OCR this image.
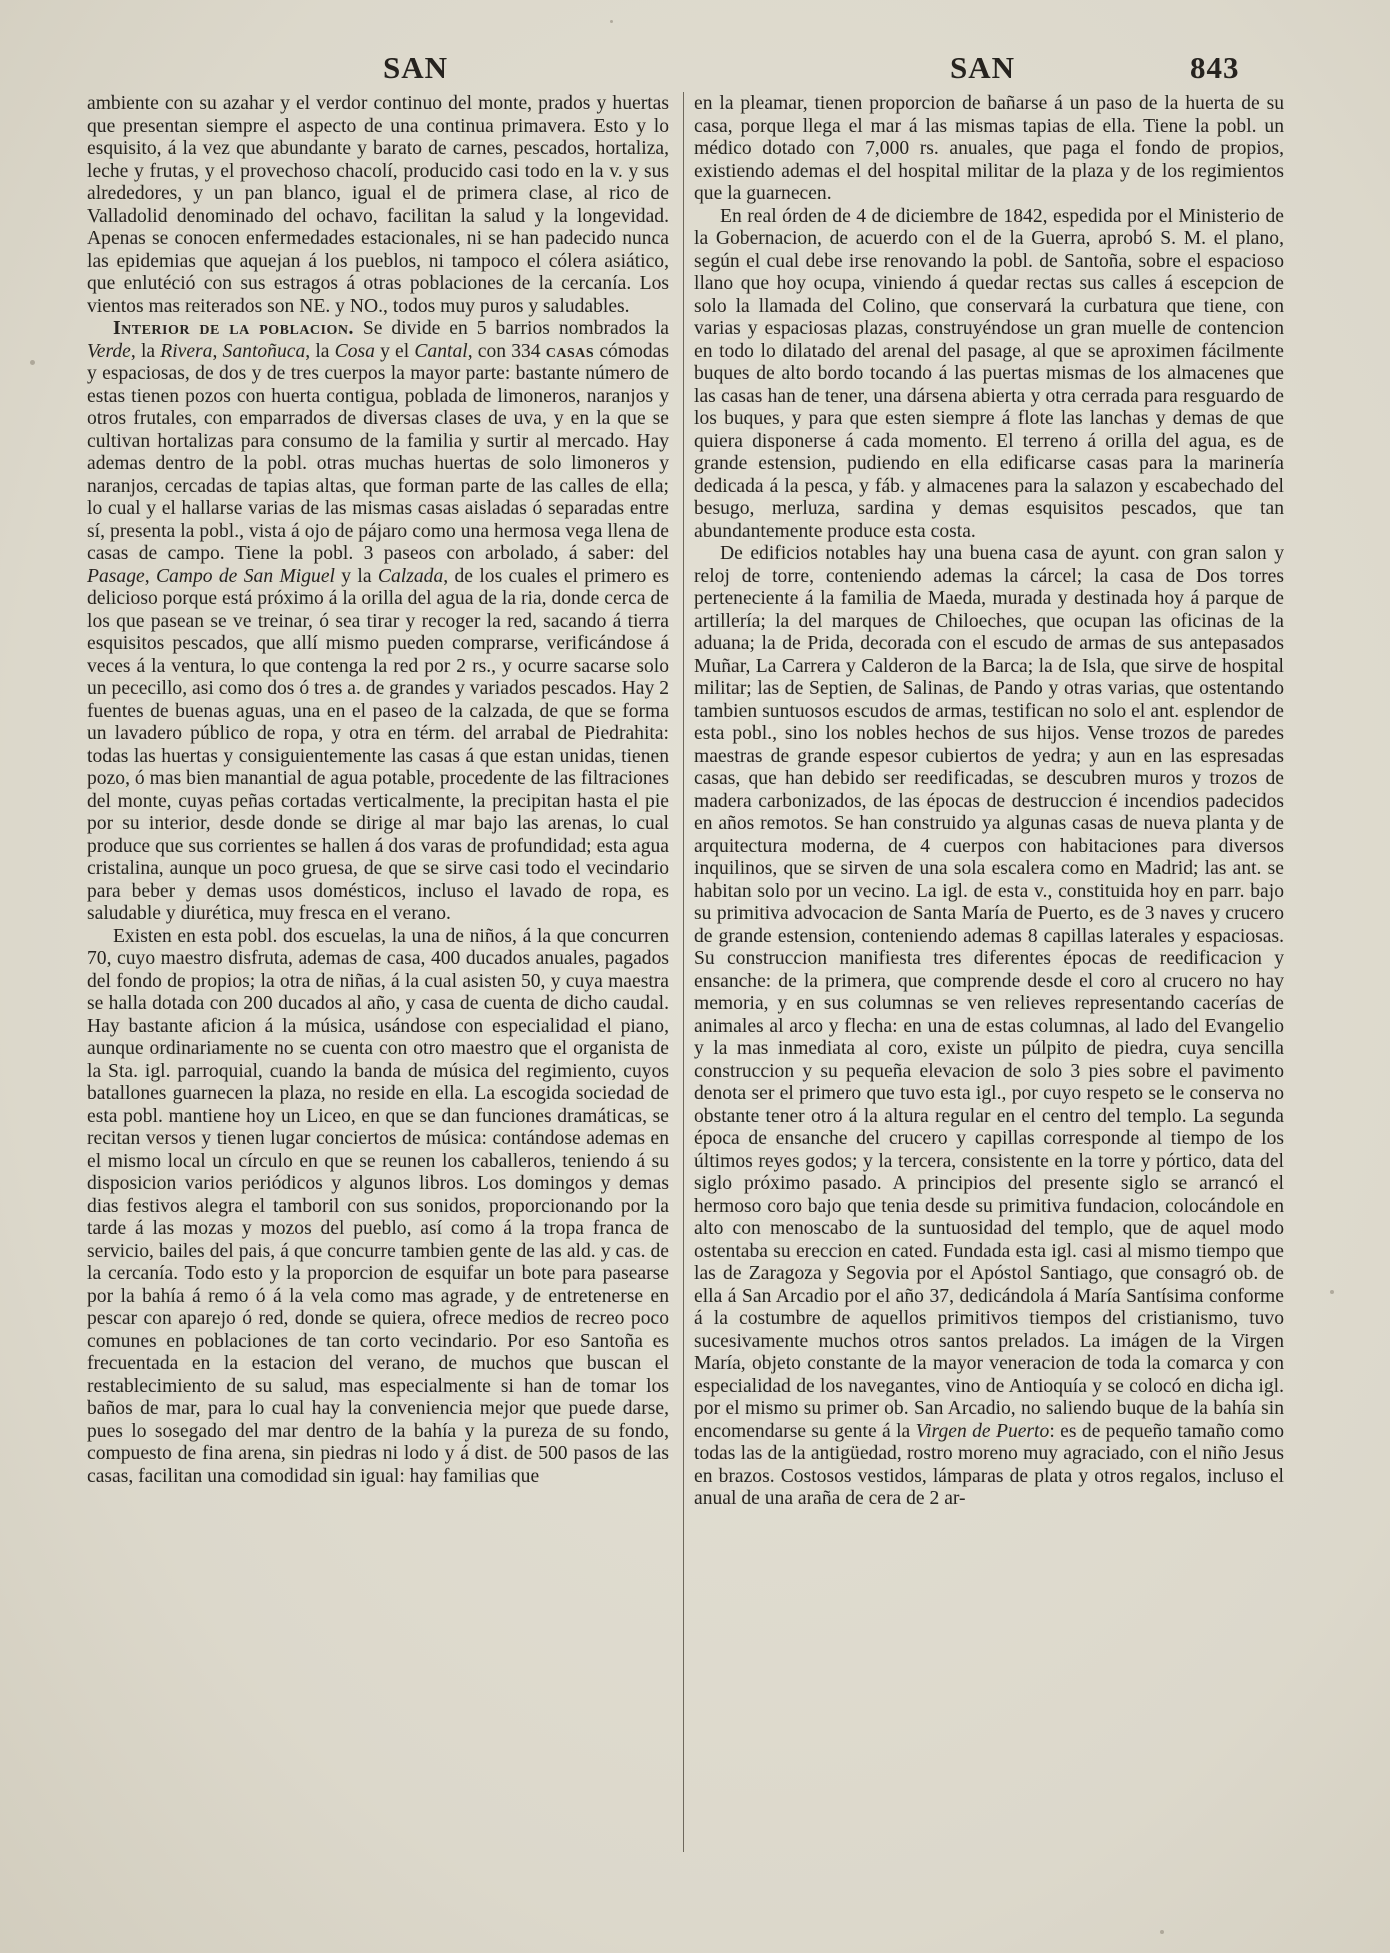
SAN	SAN	843

ambiente con su azahar y el verdor continuo del monte, prados y huertas que presentan siempre el aspecto de una continua primavera. Esto y lo esquisito, á la vez que abundante y barato de carnes, pescados, hortaliza, leche y frutas, y el provechoso chacolí, producido casi todo en la v. y sus alrededores, y un pan blanco, igual el de primera clase, al rico de Valladolid denominado del ochavo, facilitan la salud y la longevidad. Apenas se conocen enfermedades estacionales, ni se han padecido nunca las epidemias que aquejan á los pueblos, ni tampoco el cólera asiático, que enlutéció con sus estragos á otras poblaciones de la cercanía. Los vientos mas reiterados son NE. y NO., todos muy puros y saludables.

Interior de la poblacion. Se divide en 5 barrios nombrados la Verde, la Rivera, Santoñuca, la Cosa y el Cantal, con 334 casas cómodas y espaciosas, de dos y de tres cuerpos la mayor parte: bastante número de estas tienen pozos con huerta contigua, poblada de limoneros, naranjos y otros frutales, con emparrados de diversas clases de uva, y en la que se cultivan hortalizas para consumo de la familia y surtir al mercado. Hay ademas dentro de la pobl. otras muchas huertas de solo limoneros y naranjos, cercadas de tapias altas, que forman parte de las calles de ella; lo cual y el hallarse varias de las mismas casas aisladas ó separadas entre sí, presenta la pobl., vista á ojo de pájaro como una hermosa vega llena de casas de campo. Tiene la pobl. 3 paseos con arbolado, á saber: del Pasage, Campo de San Miguel y la Calzada, de los cuales el primero es delicioso porque está próximo á la orilla del agua de la ria, donde cerca de los que pasean se ve treinar, ó sea tirar y recoger la red, sacando á tierra esquisitos pescados, que allí mismo pueden comprarse, verificándose á veces á la ventura, lo que contenga la red por 2 rs., y ocurre sacarse solo un pececillo, asi como dos ó tres a. de grandes y variados pescados. Hay 2 fuentes de buenas aguas, una en el paseo de la calzada, de que se forma un lavadero público de ropa, y otra en térm. del arrabal de Piedrahita: todas las huertas y consiguientemente las casas á que estan unidas, tienen pozo, ó mas bien manantial de agua potable, procedente de las filtraciones del monte, cuyas peñas cortadas verticalmente, la precipitan hasta el pie por su interior, desde donde se dirige al mar bajo las arenas, lo cual produce que sus corrientes se hallen á dos varas de profundidad; esta agua cristalina, aunque un poco gruesa, de que se sirve casi todo el vecindario para beber y demas usos domésticos, incluso el lavado de ropa, es saludable y diurética, muy fresca en el verano.

Existen en esta pobl. dos escuelas, la una de niños, á la que concurren 70, cuyo maestro disfruta, ademas de casa, 400 ducados anuales, pagados del fondo de propios; la otra de niñas, á la cual asisten 50, y cuya maestra se halla dotada con 200 ducados al año, y casa de cuenta de dicho caudal. Hay bastante aficion á la música, usándose con especialidad el piano, aunque ordinariamente no se cuenta con otro maestro que el organista de la Sta. igl. parroquial, cuando la banda de música del regimiento, cuyos batallones guarnecen la plaza, no reside en ella. La escogida sociedad de esta pobl. mantiene hoy un Liceo, en que se dan funciones dramáticas, se recitan versos y tienen lugar conciertos de música: contándose ademas en el mismo local un círculo en que se reunen los caballeros, teniendo á su disposicion varios periódicos y algunos libros. Los domingos y demas dias festivos alegra el tamboril con sus sonidos, proporcionando por la tarde á las mozas y mozos del pueblo, así como á la tropa franca de servicio, bailes del pais, á que concurre tambien gente de las ald. y cas. de la cercanía. Todo esto y la proporcion de esquifar un bote para pasearse por la bahía á remo ó á la vela como mas agrade, y de entretenerse en pescar con aparejo ó red, donde se quiera, ofrece medios de recreo poco comunes en poblaciones de tan corto vecindario. Por eso Santoña es frecuentada en la estacion del verano, de muchos que buscan el restablecimiento de su salud, mas especialmente si han de tomar los baños de mar, para lo cual hay la conveniencia mejor que puede darse, pues lo sosegado del mar dentro de la bahía y la pureza de su fondo, compuesto de fina arena, sin piedras ni lodo y á dist. de 500 pasos de las casas, facilitan una comodidad sin igual: hay familias que

en la pleamar, tienen proporcion de bañarse á un paso de la huerta de su casa, porque llega el mar á las mismas tapias de ella. Tiene la pobl. un médico dotado con 7,000 rs. anuales, que paga el fondo de propios, existiendo ademas el del hospital militar de la plaza y de los regimientos que la guarnecen.

En real órden de 4 de diciembre de 1842, espedida por el Ministerio de la Gobernacion, de acuerdo con el de la Guerra, aprobó S. M. el plano, según el cual debe irse renovando la pobl. de Santoña, sobre el espacioso llano que hoy ocupa, viniendo á quedar rectas sus calles á escepcion de solo la llamada del Colino, que conservará la curbatura que tiene, con varias y espaciosas plazas, construyéndose un gran muelle de contencion en todo lo dilatado del arenal del pasage, al que se aproximen fácilmente buques de alto bordo tocando á las puertas mismas de los almacenes que las casas han de tener, una dársena abierta y otra cerrada para resguardo de los buques, y para que esten siempre á flote las lanchas y demas de que quiera disponerse á cada momento. El terreno á orilla del agua, es de grande estension, pudiendo en ella edificarse casas para la marinería dedicada á la pesca, y fáb. y almacenes para la salazon y escabechado del besugo, merluza, sardina y demas esquisitos pescados, que tan abundantemente produce esta costa.

De edificios notables hay una buena casa de ayunt. con gran salon y reloj de torre, conteniendo ademas la cárcel; la casa de Dos torres perteneciente á la familia de Maeda, murada y destinada hoy á parque de artillería; la del marques de Chiloeches, que ocupan las oficinas de la aduana; la de Prida, decorada con el escudo de armas de sus antepasados Muñar, La Carrera y Calderon de la Barca; la de Isla, que sirve de hospital militar; las de Septien, de Salinas, de Pando y otras varias, que ostentando tambien suntuosos escudos de armas, testifican no solo el ant. esplendor de esta pobl., sino los nobles hechos de sus hijos. Vense trozos de paredes maestras de grande espesor cubiertos de yedra; y aun en las espresadas casas, que han debido ser reedificadas, se descubren muros y trozos de madera carbonizados, de las épocas de destruccion é incendios padecidos en años remotos. Se han construido ya algunas casas de nueva planta y de arquitectura moderna, de 4 cuerpos con habitaciones para diversos inquilinos, que se sirven de una sola escalera como en Madrid; las ant. se habitan solo por un vecino. La igl. de esta v., constituida hoy en parr. bajo su primitiva advocacion de Santa María de Puerto, es de 3 naves y crucero de grande estension, conteniendo ademas 8 capillas laterales y espaciosas. Su construccion manifiesta tres diferentes épocas de reedificacion y ensanche: de la primera, que comprende desde el coro al crucero no hay memoria, y en sus columnas se ven relieves representando cacerías de animales al arco y flecha: en una de estas columnas, al lado del Evangelio y la mas inmediata al coro, existe un púlpito de piedra, cuya sencilla construccion y su pequeña elevacion de solo 3 pies sobre el pavimento denota ser el primero que tuvo esta igl., por cuyo respeto se le conserva no obstante tener otro á la altura regular en el centro del templo. La segunda época de ensanche del crucero y capillas corresponde al tiempo de los últimos reyes godos; y la tercera, consistente en la torre y pórtico, data del siglo próximo pasado. A principios del presente siglo se arrancó el hermoso coro bajo que tenia desde su primitiva fundacion, colocándole en alto con menoscabo de la suntuosidad del templo, que de aquel modo ostentaba su ereccion en cated. Fundada esta igl. casi al mismo tiempo que las de Zaragoza y Segovia por el Apóstol Santiago, que consagró ob. de ella á San Arcadio por el año 37, dedicándola á María Santísima conforme á la costumbre de aquellos primitivos tiempos del cristianismo, tuvo sucesivamente muchos otros santos prelados. La imágen de la Virgen María, objeto constante de la mayor veneracion de toda la comarca y con especialidad de los navegantes, vino de Antioquía y se colocó en dicha igl. por el mismo su primer ob. San Arcadio, no saliendo buque de la bahía sin encomendarse su gente á la Virgen de Puerto: es de pequeño tamaño como todas las de la antigüedad, rostro moreno muy agraciado, con el niño Jesus en brazos. Costosos vestidos, lámparas de plata y otros regalos, incluso el anual de una araña de cera de 2 ar-
